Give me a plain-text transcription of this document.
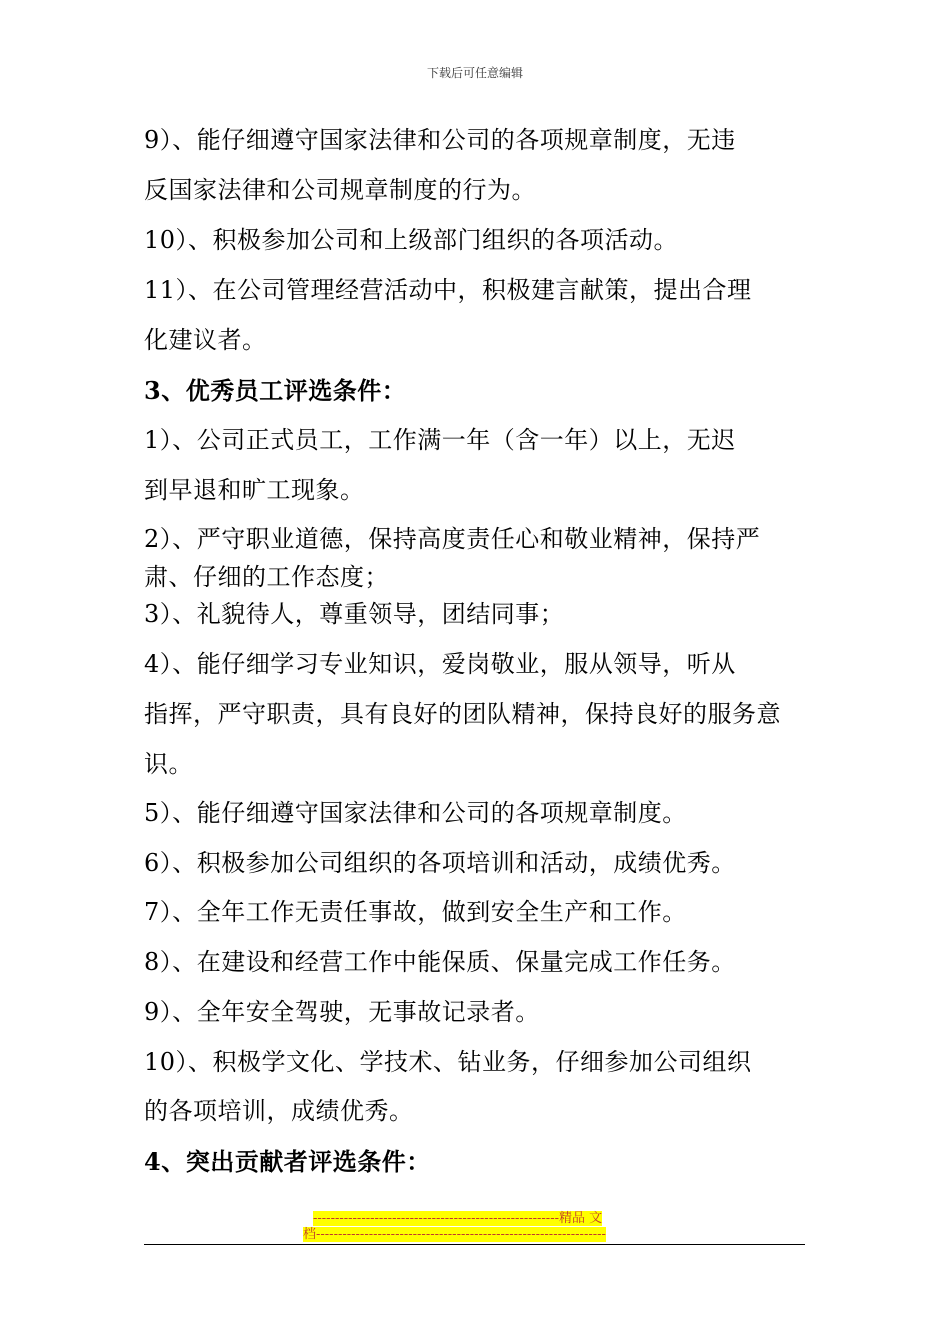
下载后可任意编辑
9）、能仔细遵守国家法律和公司的各项规章制度，无违
反国家法律和公司规章制度的行为。
10）、积极参加公司和上级部门组织的各项活动。
11）、在公司管理经营活动中，积极建言献策，提出合理
化建议者。
3、优秀员工评选条件：
1）、公司正式员工，工作满一年（含一年）以上，无迟
到早退和旷工现象。
2）、严守职业道德，保持高度责任心和敬业精神，保持严
肃、仔细的工作态度；
3）、礼貌待人，尊重领导，团结同事；
4）、能仔细学习专业知识，爱岗敬业，服从领导，听从
指挥，严守职责，具有良好的团队精神，保持良好的服务意
识。
5）、能仔细遵守国家法律和公司的各项规章制度。
6）、积极参加公司组织的各项培训和活动，成绩优秀。
7）、全年工作无责任事故，做到安全生产和工作。
8）、在建设和经营工作中能保质、保量完成工作任务。
9）、全年安全驾驶，无事故记录者。
10）、积极学文化、学技术、钻业务，仔细参加公司组织
的各项培训，成绩优秀。
4、突出贡献者评选条件：
--------------------------------------------------------精品 文
档------------------------------------------------------------------
